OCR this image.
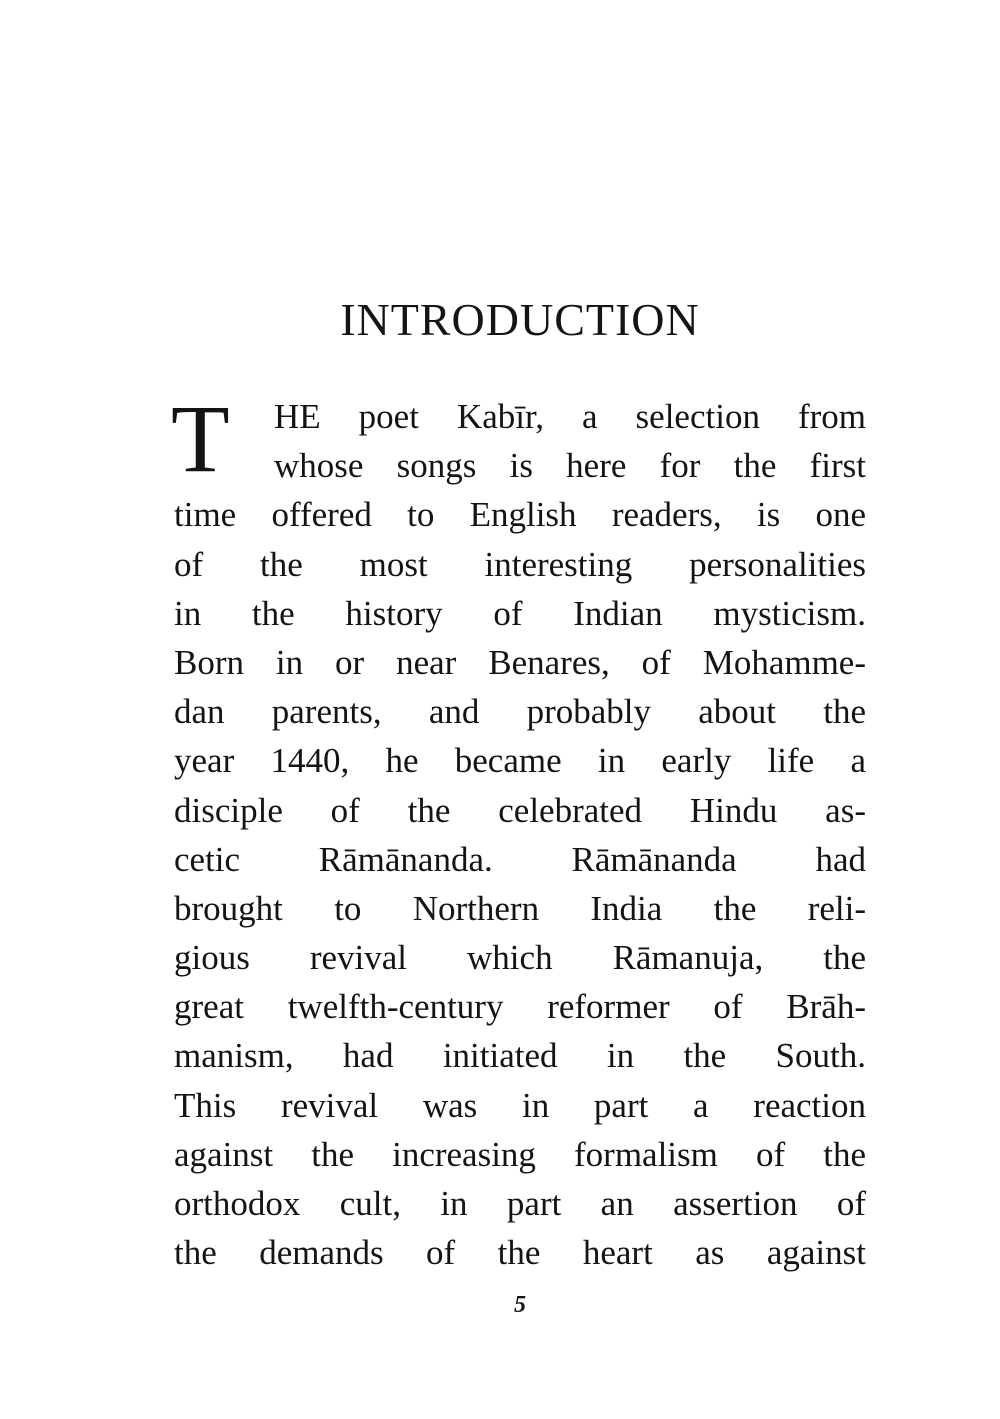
INTRODUCTION
T	HE poet Kabīr, a selection from
whose songs is here for the first
time offered to English readers, is one
of the most interesting personalities
in the history of Indian mysticism.
Born in or near Benares, of Mohamme-
dan parents, and probably about the
year 1440, he became in early life a
disciple of the celebrated Hindu as-
cetic Rāmānanda. Rāmānanda had
brought to Northern India the reli-
gious revival which Rāmanuja, the
great twelfth-century reformer of Brāh-
manism, had initiated in the South.
This revival was in part a reaction
against the increasing formalism of the
orthodox cult, in part an assertion of
the demands of the heart as against
5
